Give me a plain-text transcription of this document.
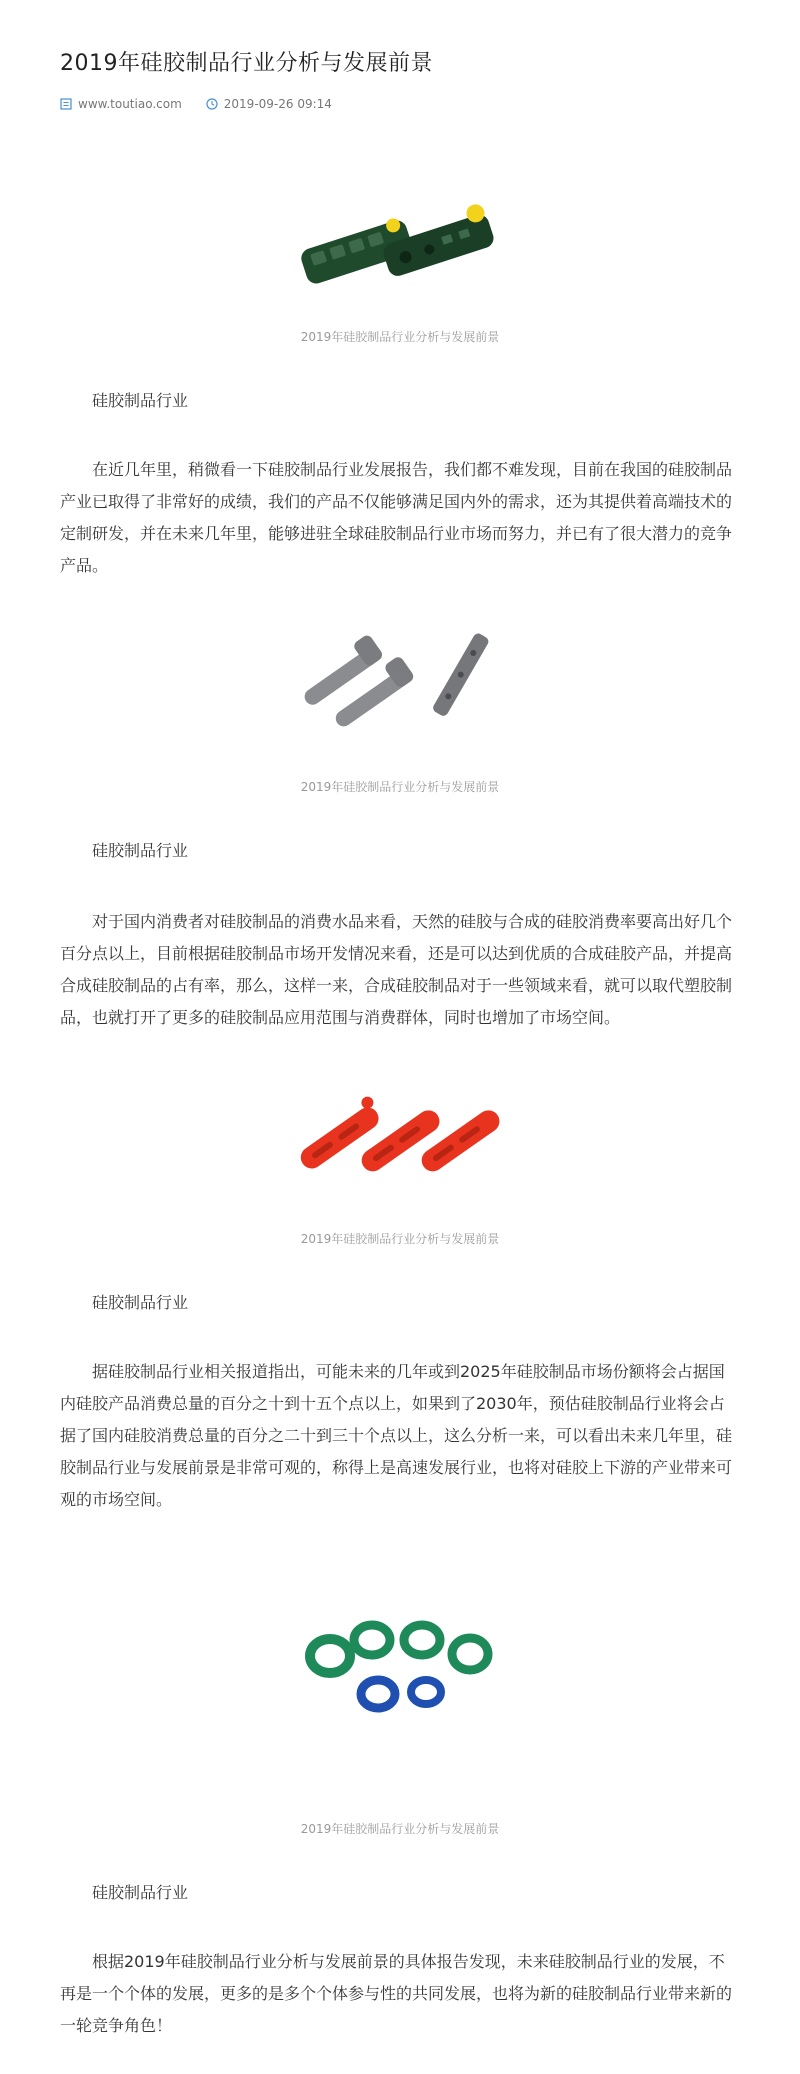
2019年硅胶制品行业分析与发展前景
www.toutiao.com	2019-09-26 09:14
2019年硅胶制品行业分析与发展前景
硅胶制品行业

在近几年里，稍微看一下硅胶制品行业发展报告，我们都不难发现，目前在我国的硅胶制品产业已取得了非常好的成绩，我们的产品不仅能够满足国内外的需求，还为其提供着高端技术的定制研发，并在未来几年里，能够进驻全球硅胶制品行业市场而努力，并已有了很大潜力的竞争产品。

2019年硅胶制品行业分析与发展前景
硅胶制品行业

对于国内消费者对硅胶制品的消费水品来看，天然的硅胶与合成的硅胶消费率要高出好几个百分点以上，目前根据硅胶制品市场开发情况来看，还是可以达到优质的合成硅胶产品，并提高合成硅胶制品的占有率，那么，这样一来，合成硅胶制品对于一些领域来看，就可以取代塑胶制品，也就打开了更多的硅胶制品应用范围与消费群体，同时也增加了市场空间。

2019年硅胶制品行业分析与发展前景
硅胶制品行业

据硅胶制品行业相关报道指出，可能未来的几年或到2025年硅胶制品市场份额将会占据国内硅胶产品消费总量的百分之十到十五个点以上，如果到了2030年，预估硅胶制品行业将会占据了国内硅胶消费总量的百分之二十到三十个点以上，这么分析一来，可以看出未来几年里，硅胶制品行业与发展前景是非常可观的，称得上是高速发展行业，也将对硅胶上下游的产业带来可观的市场空间。

2019年硅胶制品行业分析与发展前景
硅胶制品行业

根据2019年硅胶制品行业分析与发展前景的具体报告发现，未来硅胶制品行业的发展，不再是一个个体的发展，更多的是多个个体参与性的共同发展，也将为新的硅胶制品行业带来新的一轮竞争角色！
